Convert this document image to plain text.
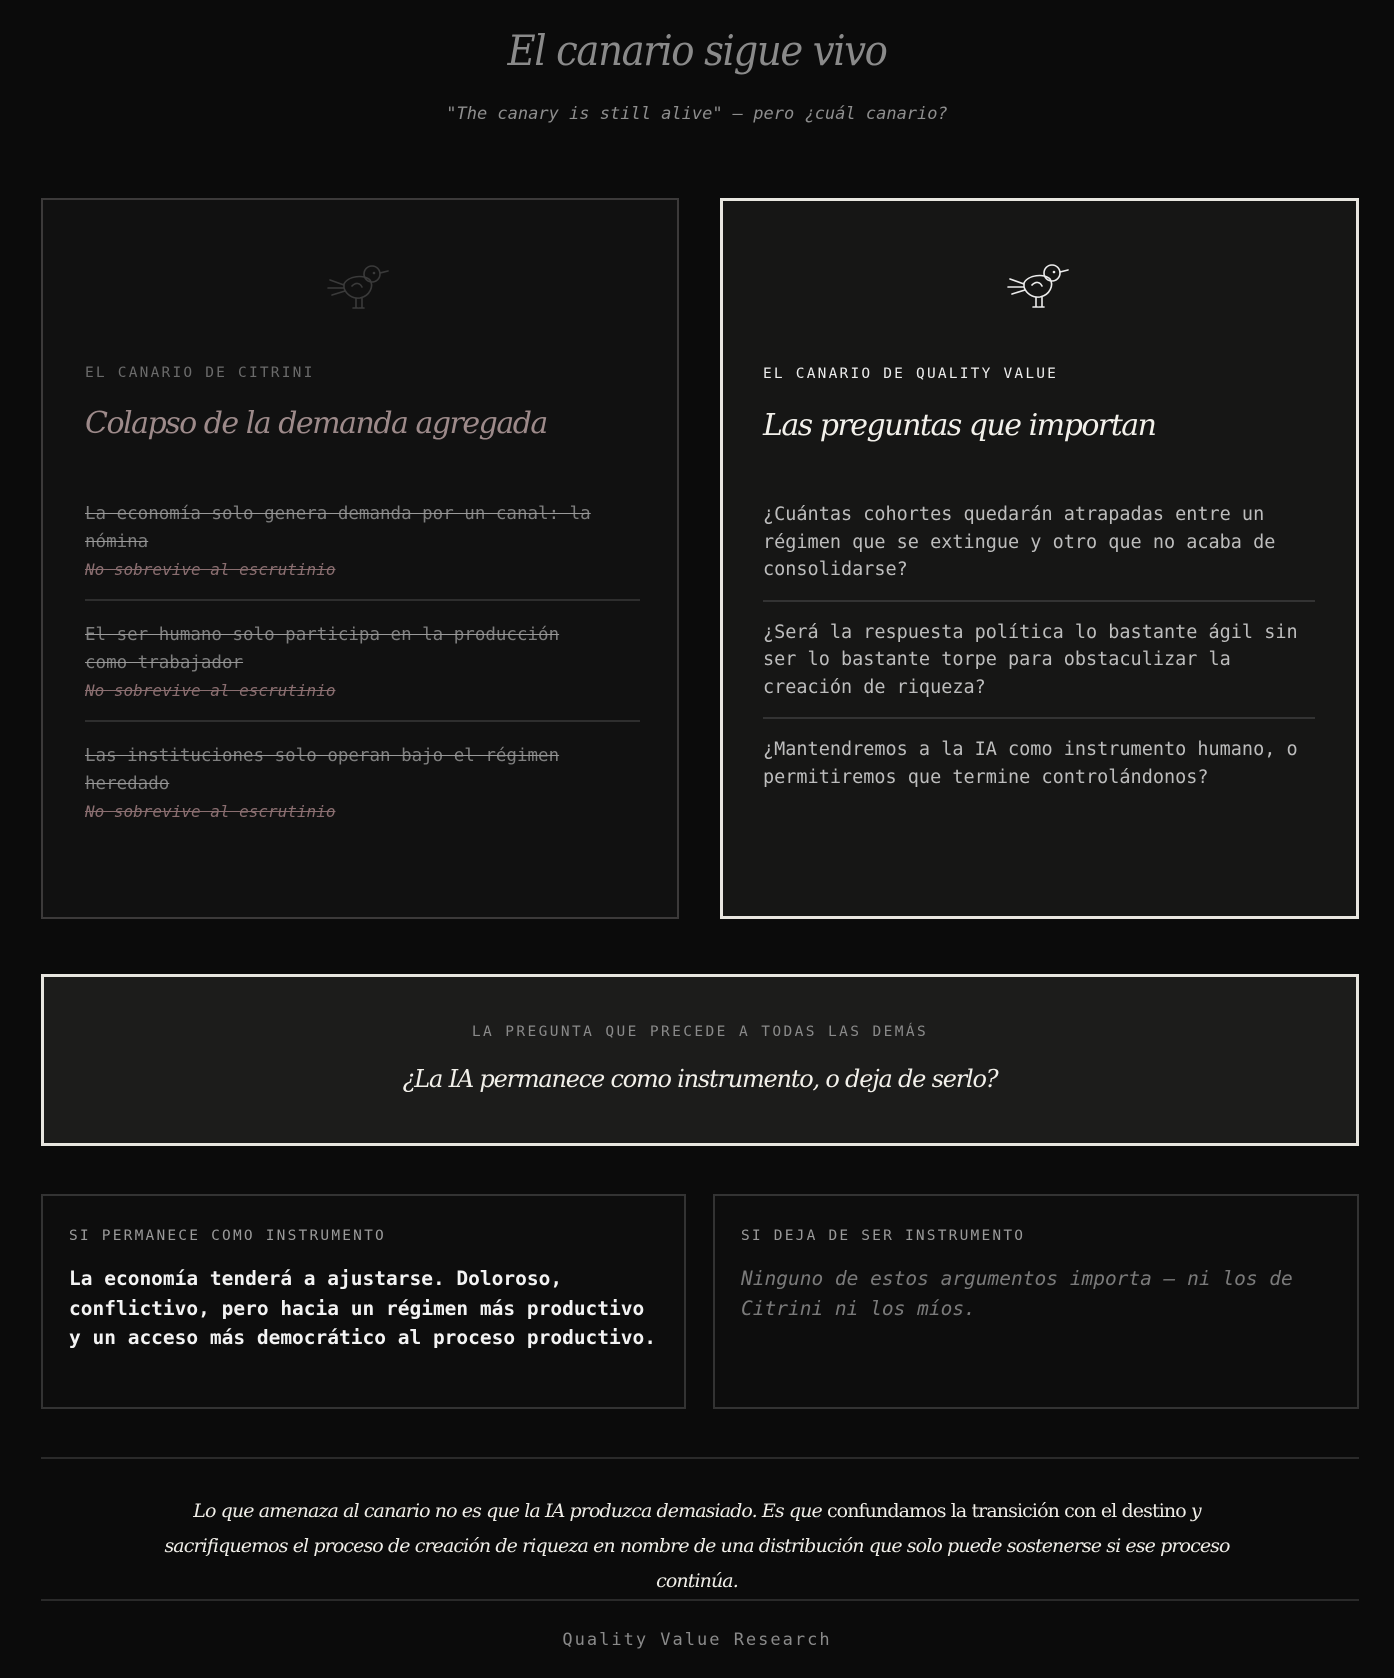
El canario sigue vivo
"The canary is still alive" — pero ¿cuál canario?
EL CANARIO DE CITRINI
Colapso de la demanda agregada
La economía solo genera demanda por un canal: la nómina
No sobrevive al escrutinio
El ser humano solo participa en la producción como trabajador
No sobrevive al escrutinio
Las instituciones solo operan bajo el régimen heredado
No sobrevive al escrutinio
EL CANARIO DE QUALITY VALUE
Las preguntas que importan
¿Cuántas cohortes quedarán atrapadas entre un régimen que se extingue y otro que no acaba de consolidarse?
¿Será la respuesta política lo bastante ágil sin ser lo bastante torpe para obstaculizar la creación de riqueza?
¿Mantendremos a la IA como instrumento humano, o permitiremos que termine controlándonos?
LA PREGUNTA QUE PRECEDE A TODAS LAS DEMÁS
¿La IA permanece como instrumento, o deja de serlo?
SI PERMANECE COMO INSTRUMENTO
La economía tenderá a ajustarse. Doloroso, conflictivo, pero hacia un régimen más productivo y un acceso más democrático al proceso productivo.
SI DEJA DE SER INSTRUMENTO
Ninguno de estos argumentos importa — ni los de Citrini ni los míos.
Lo que amenaza al canario no es que la IA produzca demasiado. Es que confundamos la transición con el destino y sacrifiquemos el proceso de creación de riqueza en nombre de una distribución que solo puede sostenerse si ese proceso continúa.
Quality Value Research
